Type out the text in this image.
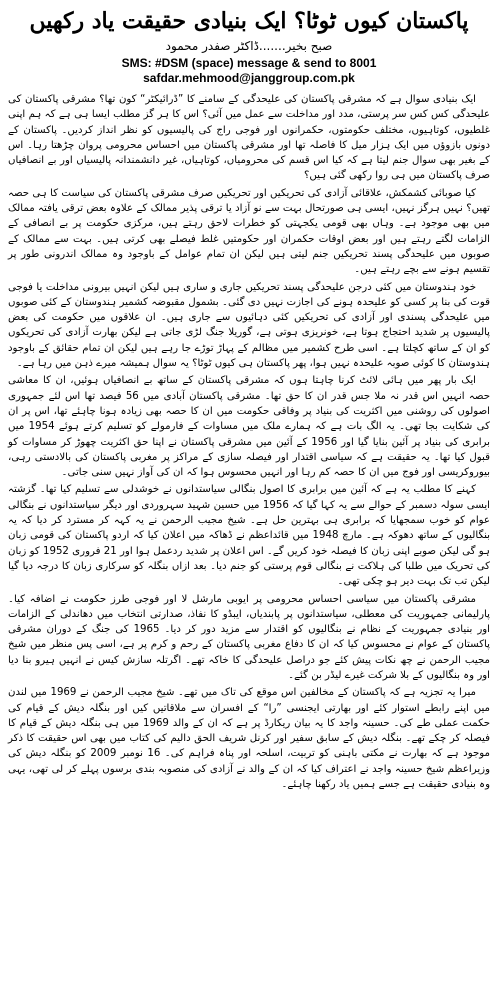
پاکستان کیوں ٹوٹا؟ ایک بنیادی حقیقت یاد رکھیں
صبح بخیر.......ڈاکٹر صفدر محمود
SMS: #DSM (space) message & send to 8001
safdar.mehmood@janggroup.com.pk

ایک بنیادی سوال ہے کہ مشرقی پاکستان کی علیحدگی کے سامنے کا ”ڈرائیکٹر“ کون تھا؟ مشرقی پاکستان کی علیحدگی کس کس سر پرستی، مدد اور مداخلت سے عمل میں آئی؟ اس کا ہر گز مطلب ایسا ہی ہے کہ ہم اپنی غلطیوں، کوتاہیوں، مختلف حکومتوں، حکمرانوں اور فوجی راج کی پالیسیوں کو نظر انداز کردیں۔ پاکستان کے دونوں بازوؤں میں ایک ہزار میل کا فاصلہ تھا اور مشرقی پاکستان میں احساس محرومی پروان چڑھتا رہا۔ اس کے بغیر بھی سوال جنم لیتا ہے کہ کیا اس قسم کی محرومیاں، کوتاہیاں، غیر دانشمندانہ پالیسیاں اور بے انصافیاں صرف پاکستان میں ہی روا رکھی گئی ہیں؟

کیا صوبائی کشمکش، علاقائی آزادی کی تحریکیں اور تحریکیں صرف مشرقی پاکستان کی سیاست کا ہی حصہ تھیں؟ نہیں ہرگز نہیں، ایسی ہی صورتحال بہت سے نو آزاد یا ترقی پذیر ممالک کے علاوہ بعض ترقی یافتہ ممالک میں بھی موجود ہے۔ وہاں بھی قومی یکجہتی کو خطرات لاحق رہتے ہیں، مرکزی حکومت پر بے انصافی کے الزامات لگتے رہتے ہیں اور بعض اوقات حکمران اور حکومتیں غلط فیصلے بھی کرتی ہیں۔ بہت سے ممالک کے صوبوں میں علیحدگی پسند تحریکیں جنم لیتی ہیں لیکن ان تمام عوامل کے باوجود وہ ممالک اندرونی طور پر تقسیم ہونے سے بچے رہتے ہیں۔

خود ہندوستان میں کئی درجن علیحدگی پسند تحریکیں جاری و ساری ہیں لیکن انہیں بیرونی مداخلت یا فوجی قوت کی بنا پر کسی کو علیحدہ ہونے کی اجازت نہیں دی گئی۔ بشمول مقبوضہ کشمیر ہندوستان کے کئی صوبوں میں علیحدگی پسندی اور آزادی کی تحریکیں کئی دہائیوں سے جاری ہیں۔ ان علاقوں میں حکومت کی بعض پالیسیوں پر شدید احتجاج ہوتا ہے، خونریزی ہوتی ہے، گوریلا جنگ لڑی جاتی ہے لیکن بھارت آزادی کی تحریکوں کو ان کے ساتھ کچلتا ہے۔ اسی طرح کشمیر میں مظالم کے پہاڑ توڑے جا رہے ہیں لیکن ان تمام حقائق کے باوجود ہندوستان کا کوئی صوبہ علیحدہ نہیں ہوا، پھر پاکستان ہی کیوں ٹوٹا؟ یہ سوال ہمیشہ میرے ذہن میں رہا ہے۔

ایک بار پھر میں ہائی لائٹ کرنا چاہتا ہوں کہ مشرقی پاکستان کے ساتھ بے انصافیاں ہوئیں، ان کا معاشی حصہ انہیں اس قدر نہ ملا جس قدر ان کا حق تھا۔ مشرقی پاکستان آبادی میں 56 فیصد تھا اس لئے جمہوری اصولوں کی روشنی میں اکثریت کی بنیاد پر وفاقی حکومت میں ان کا حصہ بھی زیادہ ہونا چاہئے تھا، اس پر ان کی شکایت بجا تھی۔ یہ الگ بات ہے کہ ہمارے ملک میں مساوات کے فارمولے کو تسلیم کرتے ہوئے 1954 میں برابری کی بنیاد پر آئین بنایا گیا اور 1956 کے آئین میں مشرقی پاکستان نے اپنا حق اکثریت چھوڑ کر مساوات کو قبول کیا تھا۔ یہ حقیقت ہے کہ سیاسی اقتدار اور فیصلہ سازی کے مراکز پر مغربی پاکستان کی بالادستی رہی، بیوروکریسی اور فوج میں ان کا حصہ کم رہا اور انہیں محسوس ہوا کہ ان کی آواز نہیں سنی جاتی۔

کہنے کا مطلب یہ ہے کہ آئین میں برابری کا اصول بنگالی سیاستدانوں نے خوشدلی سے تسلیم کیا تھا۔ گزشتہ ایسی سولہ دسمبر کے حوالے سے یہ کہا گیا کہ 1956 میں حسین شہید سہروردی اور دیگر سیاستدانوں نے بنگالی عوام کو خوب سمجھایا کہ برابری ہی بہترین حل ہے۔ شیخ مجیب الرحمن نے یہ کہہ کر مسترد کر دیا کہ یہ بنگالیوں کے ساتھ دھوکہ ہے۔ مارچ 1948 میں قائداعظم نے ڈھاکہ میں اعلان کیا کہ اردو پاکستان کی قومی زبان ہو گی لیکن صوبے اپنی زبان کا فیصلہ خود کریں گے۔ اس اعلان پر شدید ردعمل ہوا اور 21 فروری 1952 کو زبان کی تحریک میں طلبا کی ہلاکت نے بنگالی قوم پرستی کو جنم دیا۔ بعد ازاں بنگلہ کو سرکاری زبان کا درجہ دیا گیا لیکن تب تک بہت دیر ہو چکی تھی۔

مشرقی پاکستان میں سیاسی احساس محرومی پر ایوبی مارشل لا اور فوجی طرز حکومت نے اضافہ کیا۔ پارلیمانی جمہوریت کی معطلی، سیاستدانوں پر پابندیاں، ایبڈو کا نفاذ، صدارتی انتخاب میں دھاندلی کے الزامات اور بنیادی جمہوریت کے نظام نے بنگالیوں کو اقتدار سے مزید دور کر دیا۔ 1965 کی جنگ کے دوران مشرقی پاکستان کے عوام نے محسوس کیا کہ ان کا دفاع مغربی پاکستان کے رحم و کرم پر ہے، اسی پس منظر میں شیخ مجیب الرحمن نے چھ نکات پیش کئے جو دراصل علیحدگی کا خاکہ تھے۔ اگرتلہ سازش کیس نے انہیں ہیرو بنا دیا اور وہ بنگالیوں کے بلا شرکت غیرے لیڈر بن گئے۔

میرا یہ تجزیہ ہے کہ پاکستان کے مخالفین اس موقع کی تاک میں تھے۔ شیخ مجیب الرحمن نے 1969 میں لندن میں اپنے رابطے استوار کئے اور بھارتی ایجنسی ”را“ کے افسران سے ملاقاتیں کیں اور بنگلہ دیش کے قیام کی حکمت عملی طے کی۔ حسینہ واجد کا یہ بیان ریکارڈ پر ہے کہ ان کے والد 1969 میں ہی بنگلہ دیش کے قیام کا فیصلہ کر چکے تھے۔ بنگلہ دیش کے سابق سفیر اور کرنل شریف الحق دالیم کی کتاب میں بھی اس حقیقت کا ذکر موجود ہے کہ بھارت نے مکتی باہنی کو تربیت، اسلحہ اور پناہ فراہم کی۔ 16 نومبر 2009 کو بنگلہ دیش کی وزیراعظم شیخ حسینہ واجد نے اعتراف کیا کہ ان کے والد نے آزادی کی منصوبہ بندی برسوں پہلے کر لی تھی، یہی وہ بنیادی حقیقت ہے جسے ہمیں یاد رکھنا چاہئے۔
